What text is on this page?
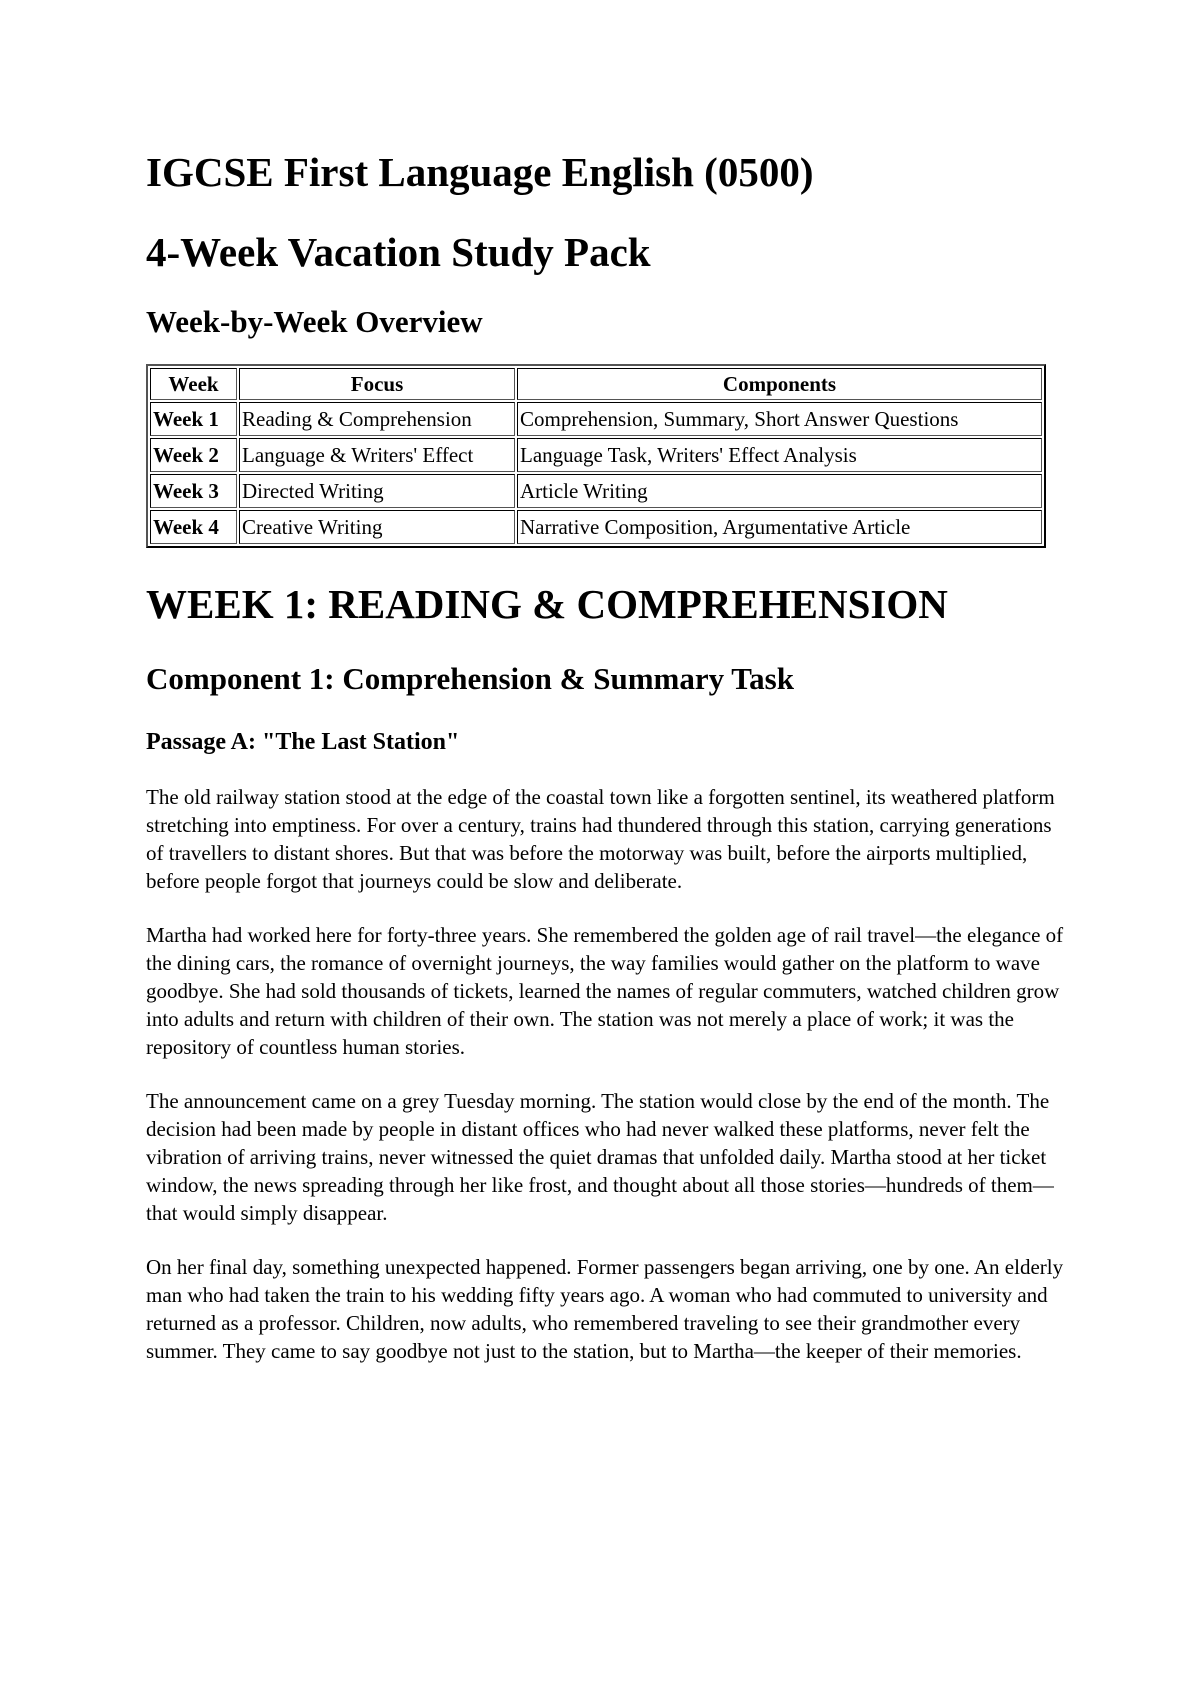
IGCSE First Language English (0500)
4-Week Vacation Study Pack
Week-by-Week Overview
Week	Focus	Components
Week 1	Reading & Comprehension	Comprehension, Summary, Short Answer Questions
Week 2	Language & Writers' Effect	Language Task, Writers' Effect Analysis
Week 3	Directed Writing	Article Writing
Week 4	Creative Writing	Narrative Composition, Argumentative Article
WEEK 1: READING & COMPREHENSION
Component 1: Comprehension & Summary Task
Passage A: "The Last Station"

The old railway station stood at the edge of the coastal town like a forgotten sentinel, its weathered platform stretching into emptiness. For over a century, trains had thundered through this station, carrying generations of travellers to distant shores. But that was before the motorway was built, before the airports multiplied, before people forgot that journeys could be slow and deliberate.

Martha had worked here for forty-three years. She remembered the golden age of rail travel—the elegance of the dining cars, the romance of overnight journeys, the way families would gather on the platform to wave goodbye. She had sold thousands of tickets, learned the names of regular commuters, watched children grow into adults and return with children of their own. The station was not merely a place of work; it was the repository of countless human stories.

The announcement came on a grey Tuesday morning. The station would close by the end of the month. The decision had been made by people in distant offices who had never walked these platforms, never felt the vibration of arriving trains, never witnessed the quiet dramas that unfolded daily. Martha stood at her ticket window, the news spreading through her like frost, and thought about all those stories—hundreds of them—that would simply disappear.

On her final day, something unexpected happened. Former passengers began arriving, one by one. An elderly man who had taken the train to his wedding fifty years ago. A woman who had commuted to university and returned as a professor. Children, now adults, who remembered traveling to see their grandmother every summer. They came to say goodbye not just to the station, but to Martha—the keeper of their memories.
